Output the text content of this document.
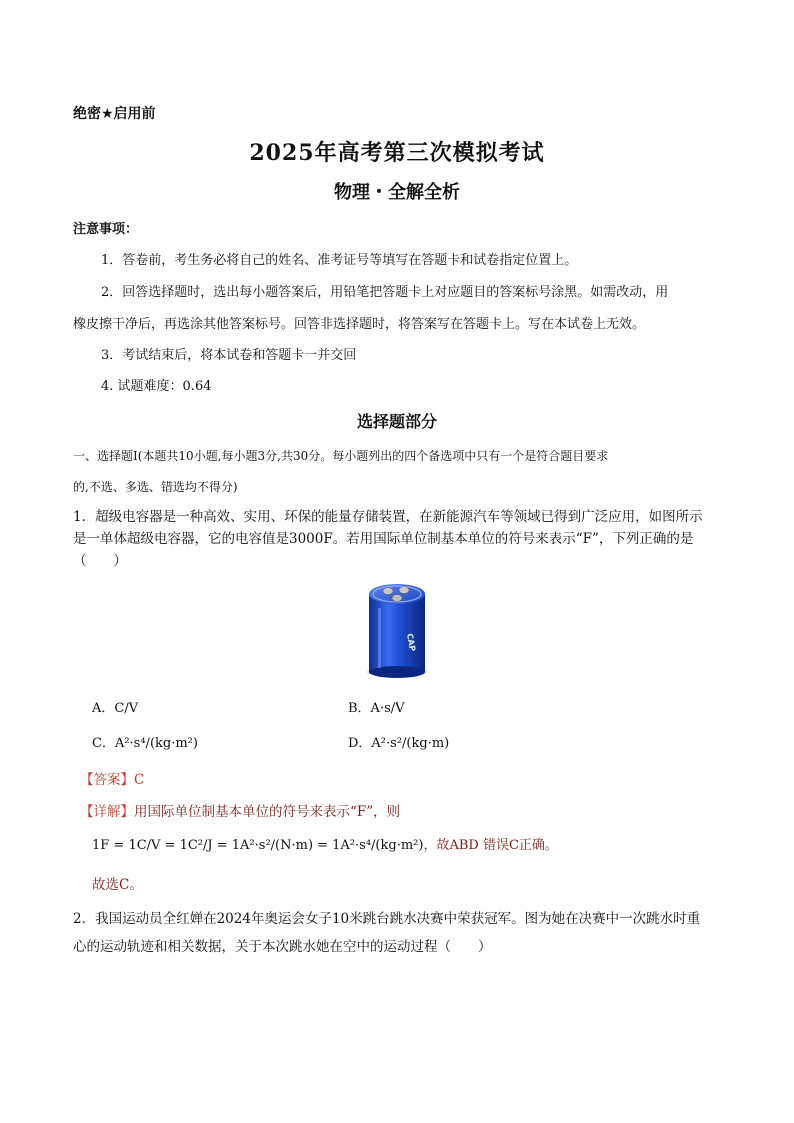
绝密★启用前
2025年高考第三次模拟考试
物理・全解全析
注意事项：
1．答卷前，考生务必将自己的姓名、准考证号等填写在答题卡和试卷指定位置上。
2．回答选择题时，选出每小题答案后，用铅笔把答题卡上对应题目的答案标号涂黑。如需改动，用
橡皮擦干净后，再选涂其他答案标号。回答非选择题时，将答案写在答题卡上。写在本试卷上无效。
3．考试结束后，将本试卷和答题卡一并交回
4. 试题难度：0.64
选择题部分
一、选择题Ⅰ(本题共10小题,每小题3分,共30分。每小题列出的四个备选项中只有一个是符合题目要求
的,不选、多选、错选均不得分)
1．超级电容器是一种高效、实用、环保的能量存储装置，在新能源汽车等领域已得到广泛应用，如图所示
是一单体超级电容器，它的电容值是3000F。若用国际单位制基本单位的符号来表示“F”，下列正确的是
（　　）
CAP
A．C/V	B．A·s/V
C．A²·s⁴/(kg·m²)	D．A²·s²/(kg·m)
【答案】C
【详解】用国际单位制基本单位的符号来表示“F”，则
1F = 1C/V = 1C²/J = 1A²·s²/(N·m) = 1A²·s⁴/(kg·m²)，故ABD 错误C正确。
故选C。
2．我国运动员全红婵在2024年奥运会女子10米跳台跳水决赛中荣获冠军。图为她在决赛中一次跳水时重
心的运动轨迹和相关数据，关于本次跳水她在空中的运动过程（　　）
